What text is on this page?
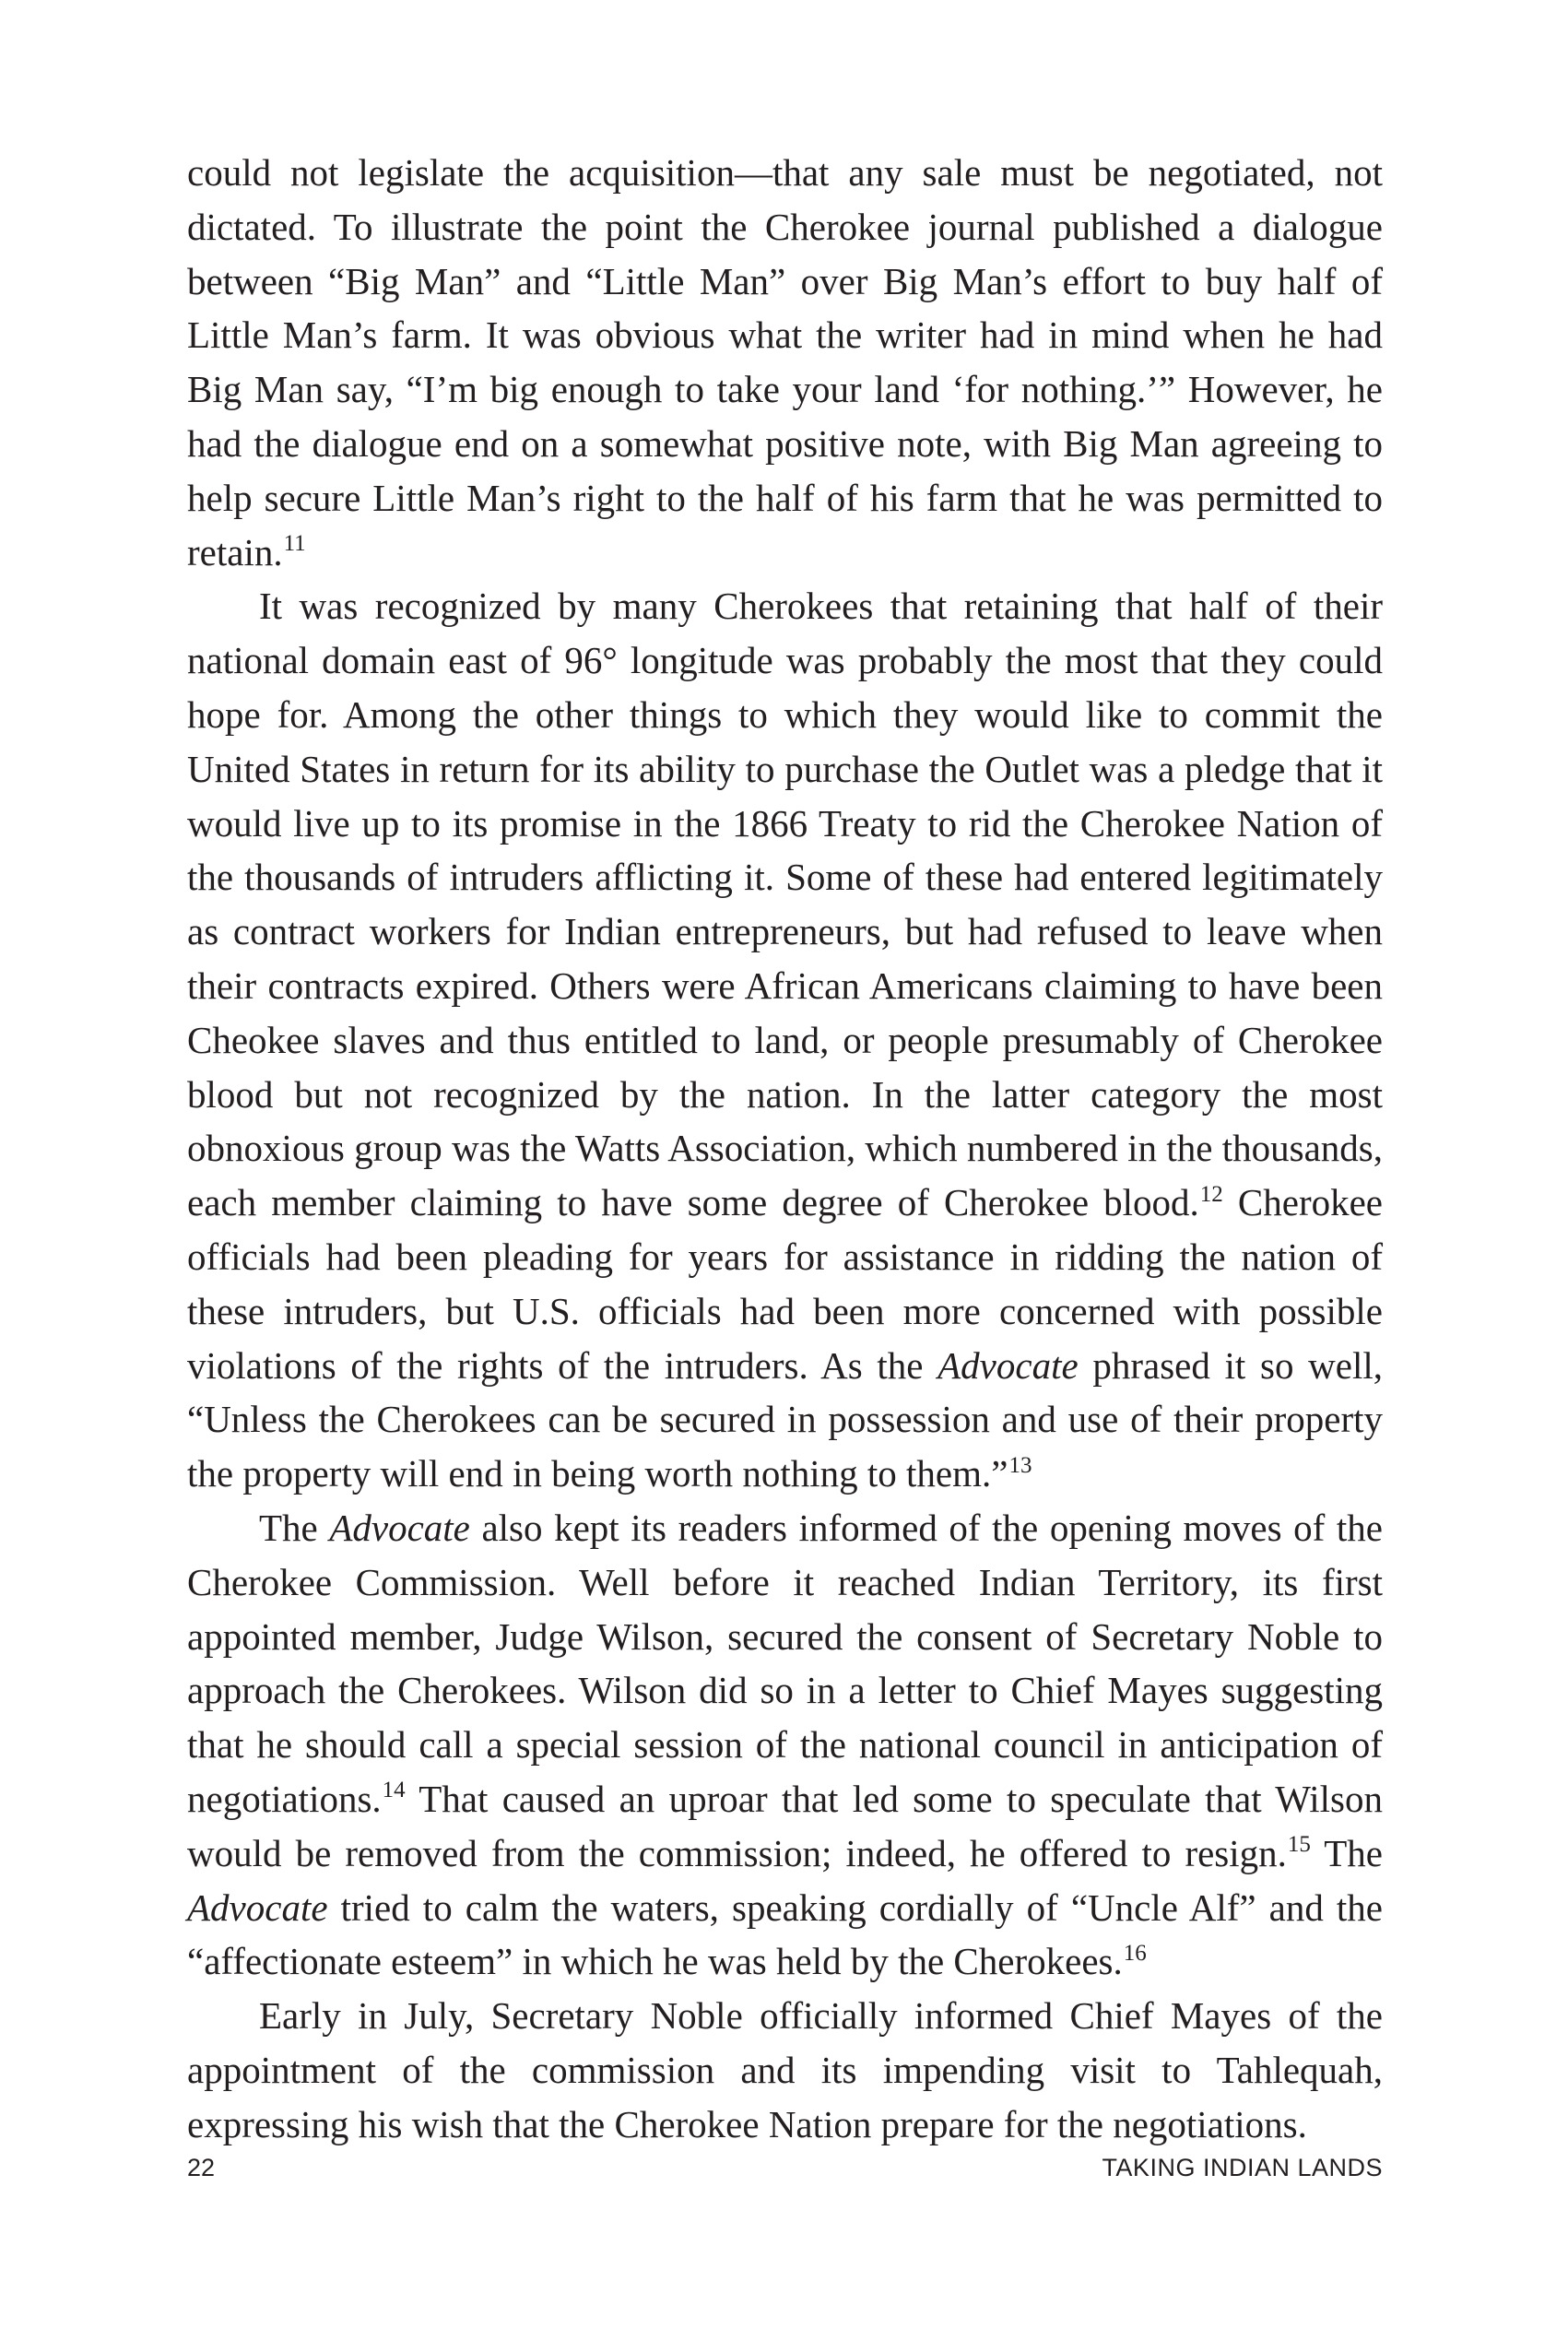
could not legislate the acquisition—that any sale must be negotiated, not dictated. To illustrate the point the Cherokee journal published a dialogue between “Big Man” and “Little Man” over Big Man’s effort to buy half of Little Man’s farm. It was obvious what the writer had in mind when he had Big Man say, “I’m big enough to take your land ‘for nothing.’” However, he had the dialogue end on a somewhat positive note, with Big Man agreeing to help secure Little Man’s right to the half of his farm that he was permitted to retain.$^{11}$

It was recognized by many Cherokees that retaining that half of their national domain east of 96° longitude was probably the most that they could hope for. Among the other things to which they would like to commit the United States in return for its ability to purchase the Outlet was a pledge that it would live up to its promise in the 1866 Treaty to rid the Cherokee Nation of the thousands of intruders afflicting it. Some of these had entered legitimately as contract workers for Indian entrepreneurs, but had refused to leave when their contracts expired. Others were African Americans claiming to have been Cheokee slaves and thus entitled to land, or people presumably of Cherokee blood but not recognized by the nation. In the latter category the most obnoxious group was the Watts Association, which numbered in the thousands, each member claiming to have some degree of Cherokee blood.$^{12}$ Cherokee officials had been pleading for years for assistance in ridding the nation of these intruders, but U.S. officials had been more concerned with possible violations of the rights of the intruders. As the Advocate phrased it so well, “Unless the Cherokees can be secured in possession and use of their property the property will end in being worth nothing to them.”$^{13}$

The Advocate also kept its readers informed of the opening moves of the Cherokee Commission. Well before it reached Indian Territory, its first appointed member, Judge Wilson, secured the consent of Secretary Noble to approach the Cherokees. Wilson did so in a letter to Chief Mayes suggesting that he should call a special session of the national council in anticipation of negotiations.$^{14}$ That caused an uproar that led some to speculate that Wilson would be removed from the commission; indeed, he offered to resign.$^{15}$ The Advocate tried to calm the waters, speaking cordially of “Uncle Alf” and the “affectionate esteem” in which he was held by the Cherokees.$^{16}$

Early in July, Secretary Noble officially informed Chief Mayes of the appointment of the commission and its impending visit to Tahlequah, expressing his wish that the Cherokee Nation prepare for the negotiations.

22	TAKING INDIAN LANDS
